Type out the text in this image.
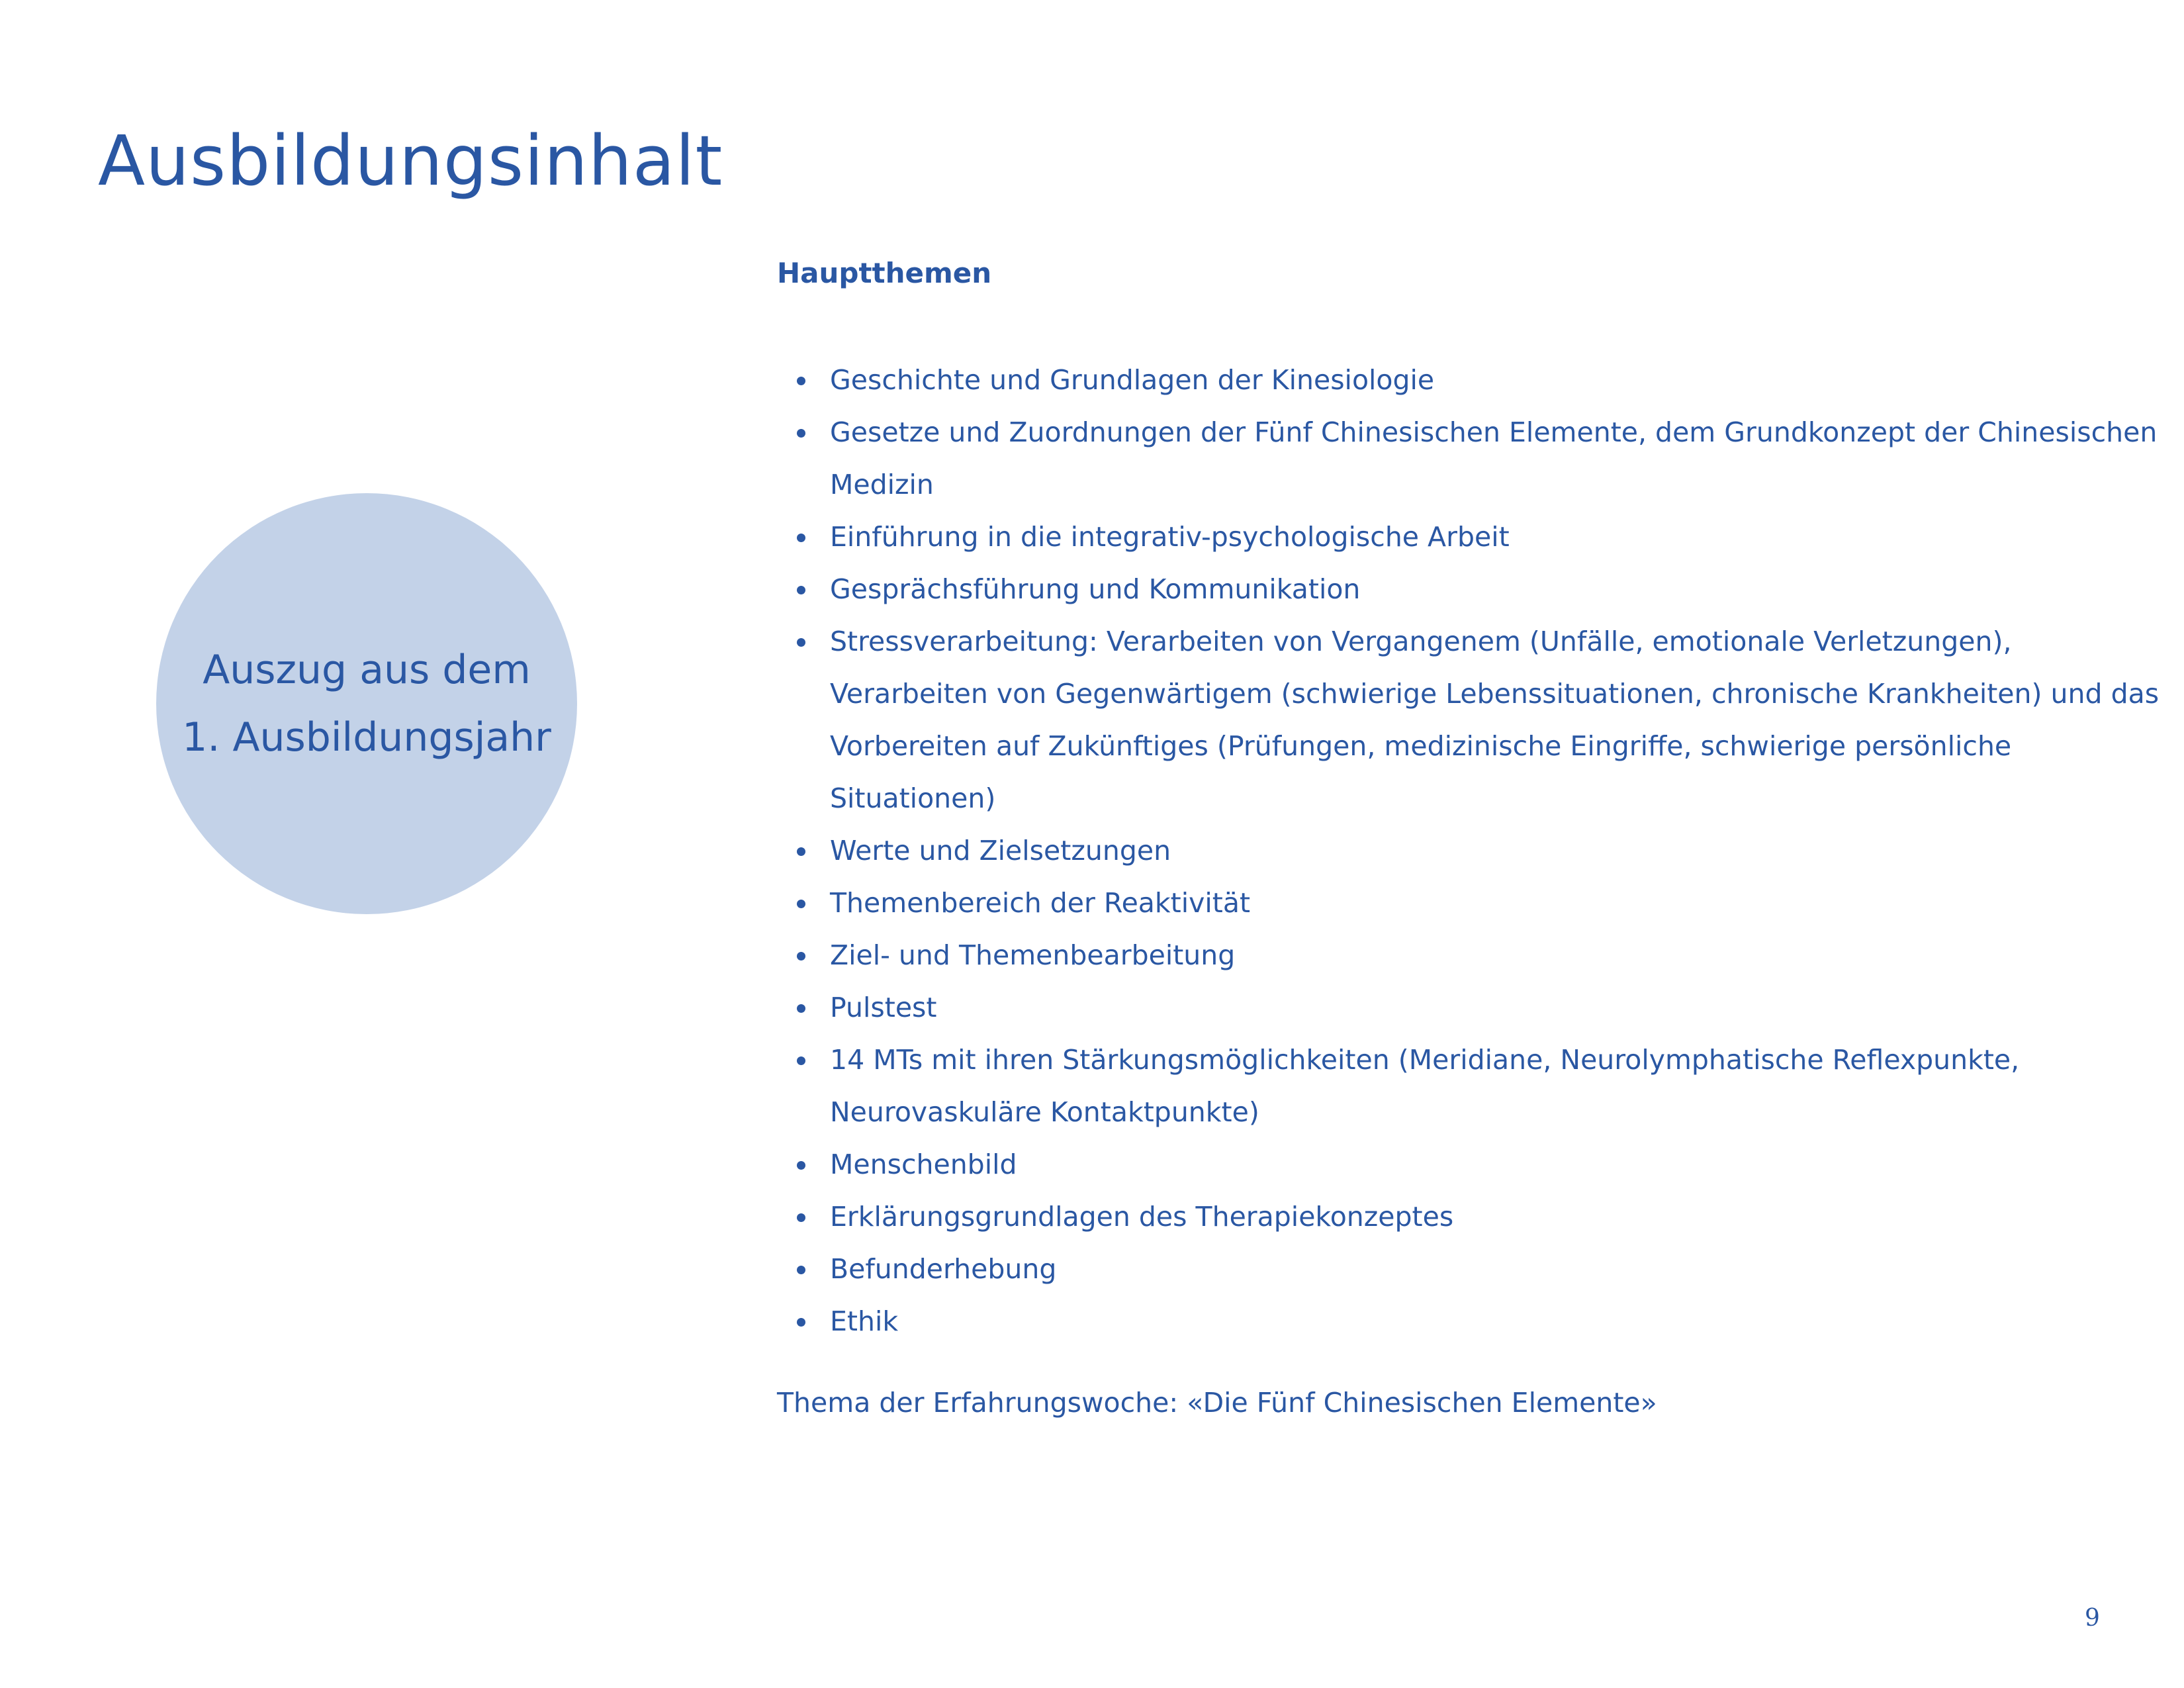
Ausbildungsinhalt
Auszug aus dem
1. Ausbildungsjahr
Hauptthemen
Geschichte und Grundlagen der Kinesiologie
Gesetze und Zuordnungen der Fünf Chinesischen Elemente, dem Grundkonzept der Chinesischen Medizin
Einführung in die integrativ-psychologische Arbeit
Gesprächsführung und Kommunikation
Stressverarbeitung: Verarbeiten von Vergangenem (Unfälle, emotionale Verletzungen), Verarbeiten von Gegenwärtigem (schwierige Lebenssituationen, chronische Krankheiten) und das Vorbereiten auf Zukünftiges (Prüfungen, medizinische Eingriffe, schwierige persönliche Situationen)
Werte und Zielsetzungen
Themenbereich der Reaktivität
Ziel- und Themenbearbeitung
Pulstest
14 MTs mit ihren Stärkungsmöglichkeiten (Meridiane, Neurolymphatische Reflexpunkte, Neurovaskuläre Kontaktpunkte)
Menschenbild
Erklärungsgrundlagen des Therapiekonzeptes
Befunderhebung
Ethik

Thema der Erfahrungswoche: «Die Fünf Chinesischen Elemente»

9
